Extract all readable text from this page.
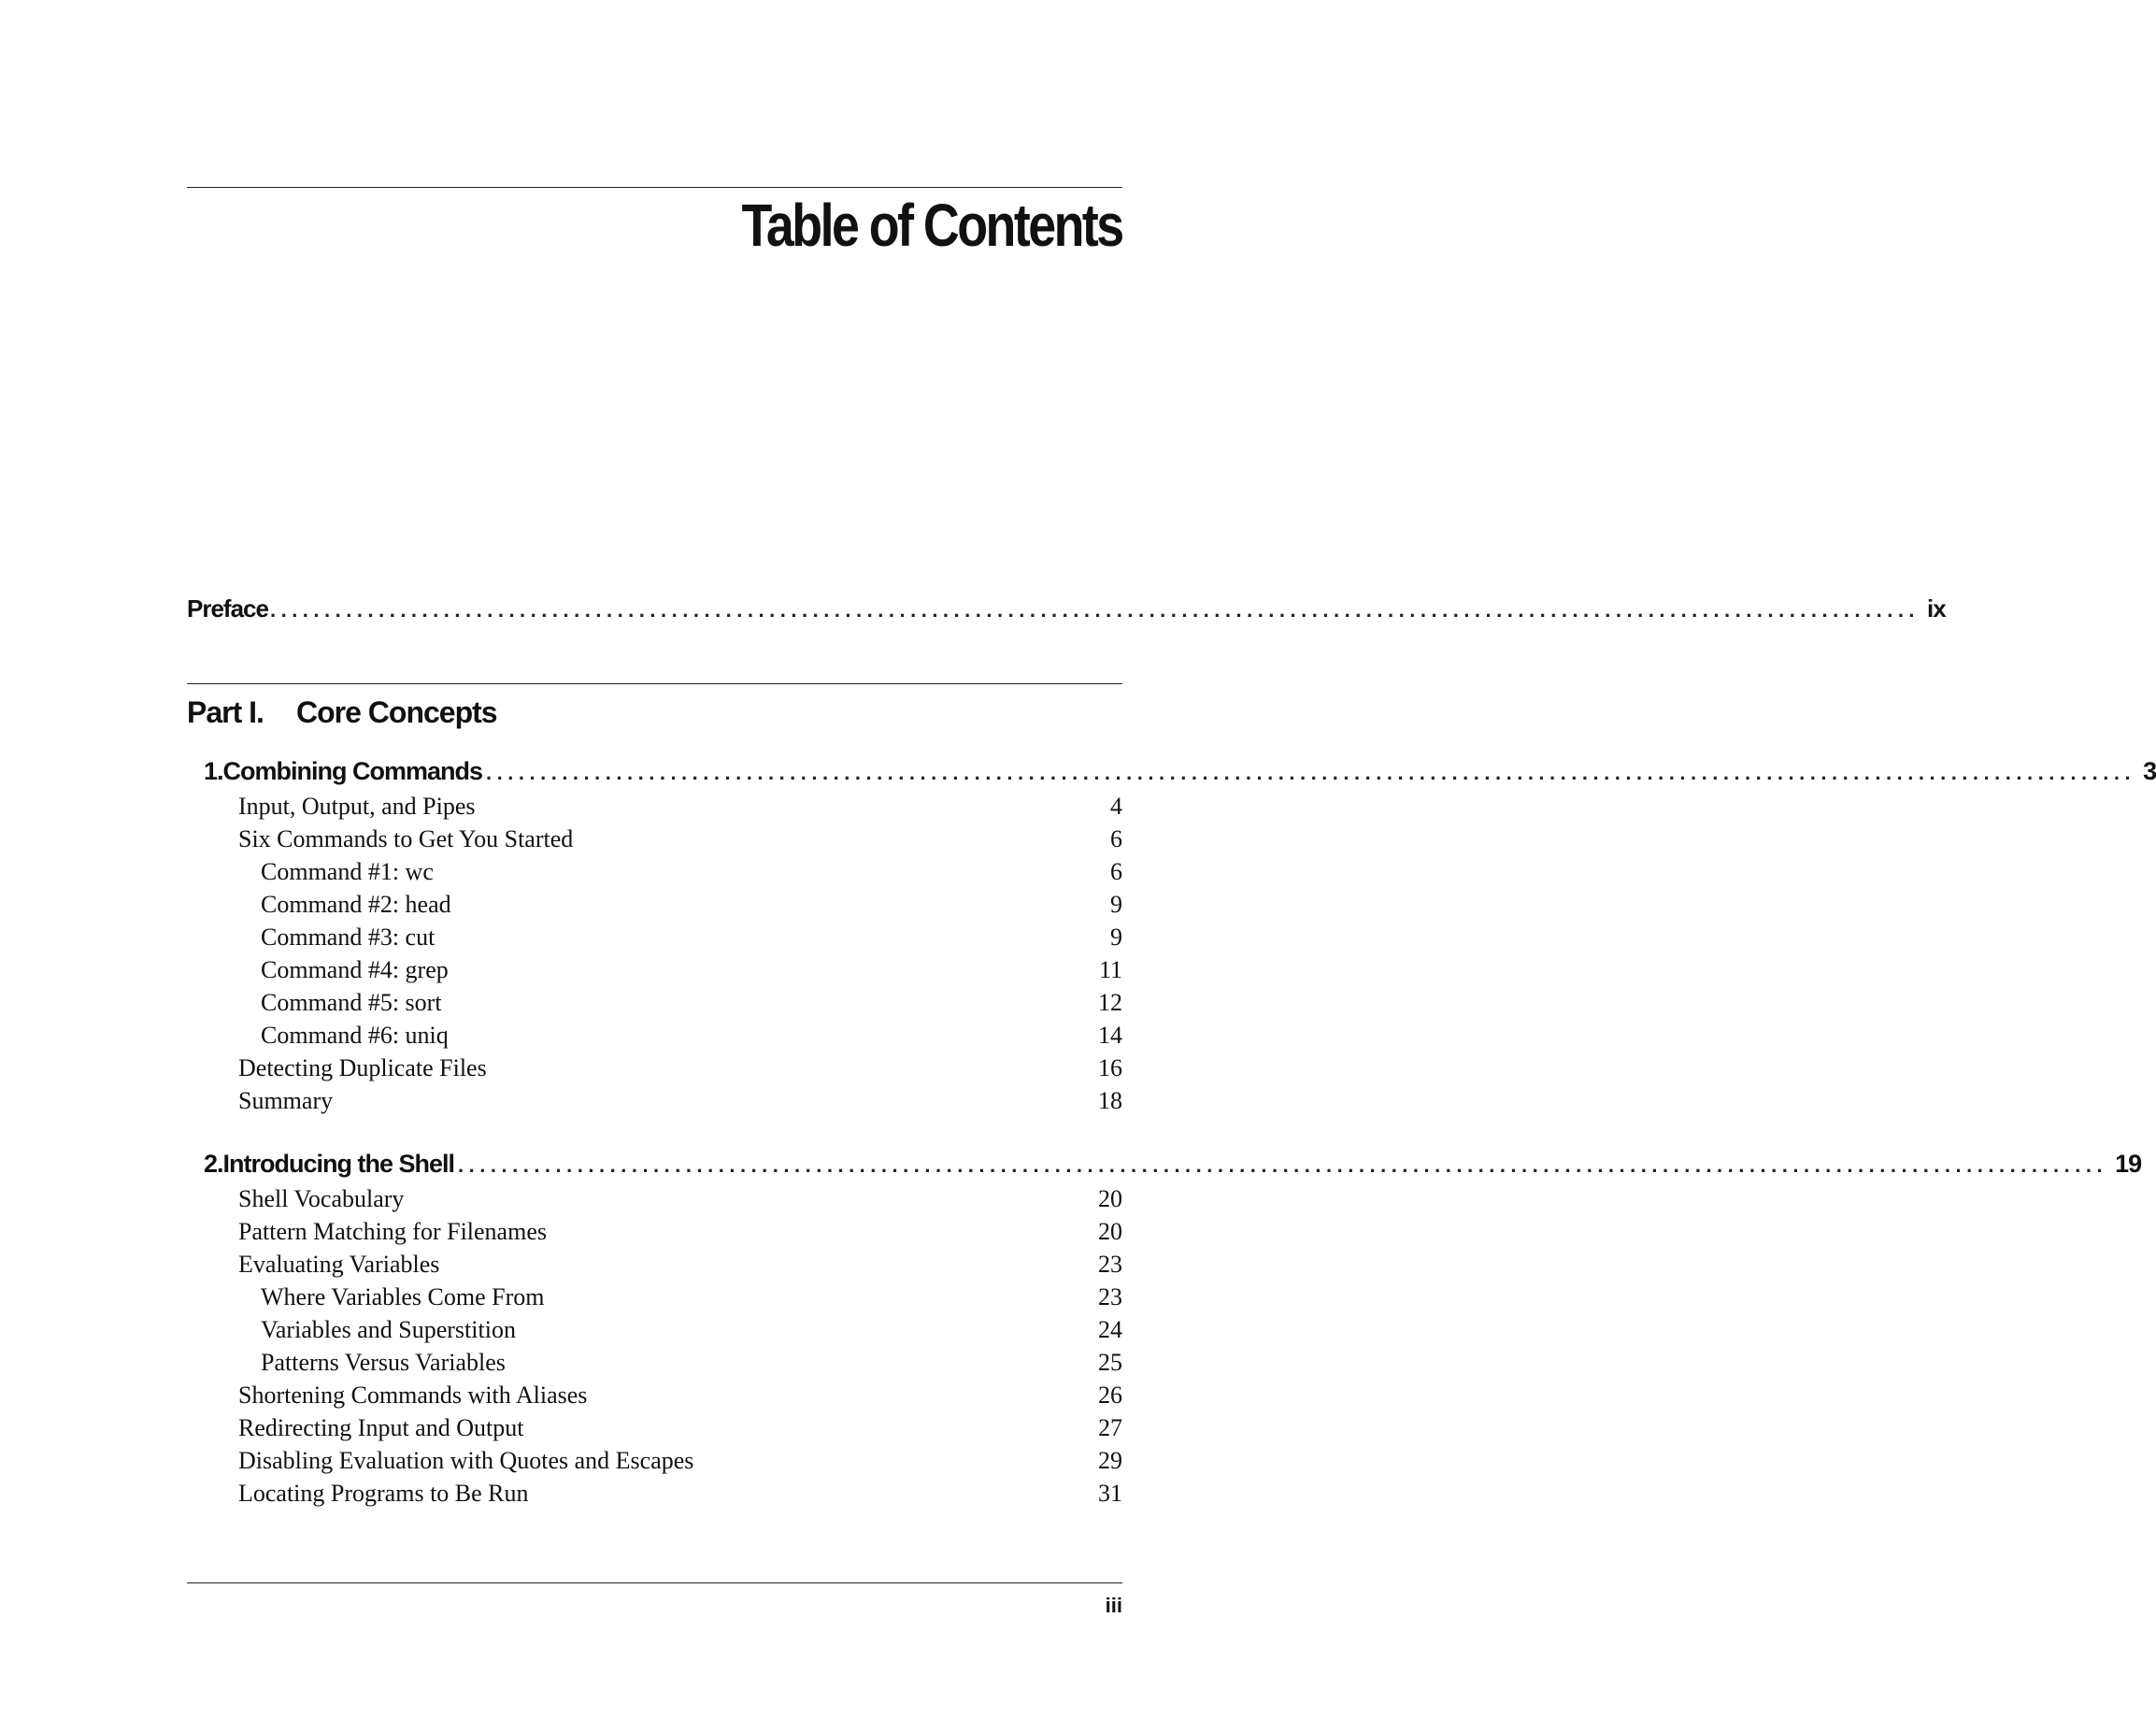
Table of Contents
Preface ........................................................................................................................................................ ix
Part I.	Core Concepts
1. Combining Commands ........................................................................................................................................................ 3
Input, Output, and Pipes	4
Six Commands to Get You Started	6
Command #1: wc	6
Command #2: head	9
Command #3: cut	9
Command #4: grep	11
Command #5: sort	12
Command #6: uniq	14
Detecting Duplicate Files	16
Summary	18
2. Introducing the Shell ........................................................................................................................................................ 19
Shell Vocabulary	20
Pattern Matching for Filenames	20
Evaluating Variables	23
Where Variables Come From	23
Variables and Superstition	24
Patterns Versus Variables	25
Shortening Commands with Aliases	26
Redirecting Input and Output	27
Disabling Evaluation with Quotes and Escapes	29
Locating Programs to Be Run	31
iii
